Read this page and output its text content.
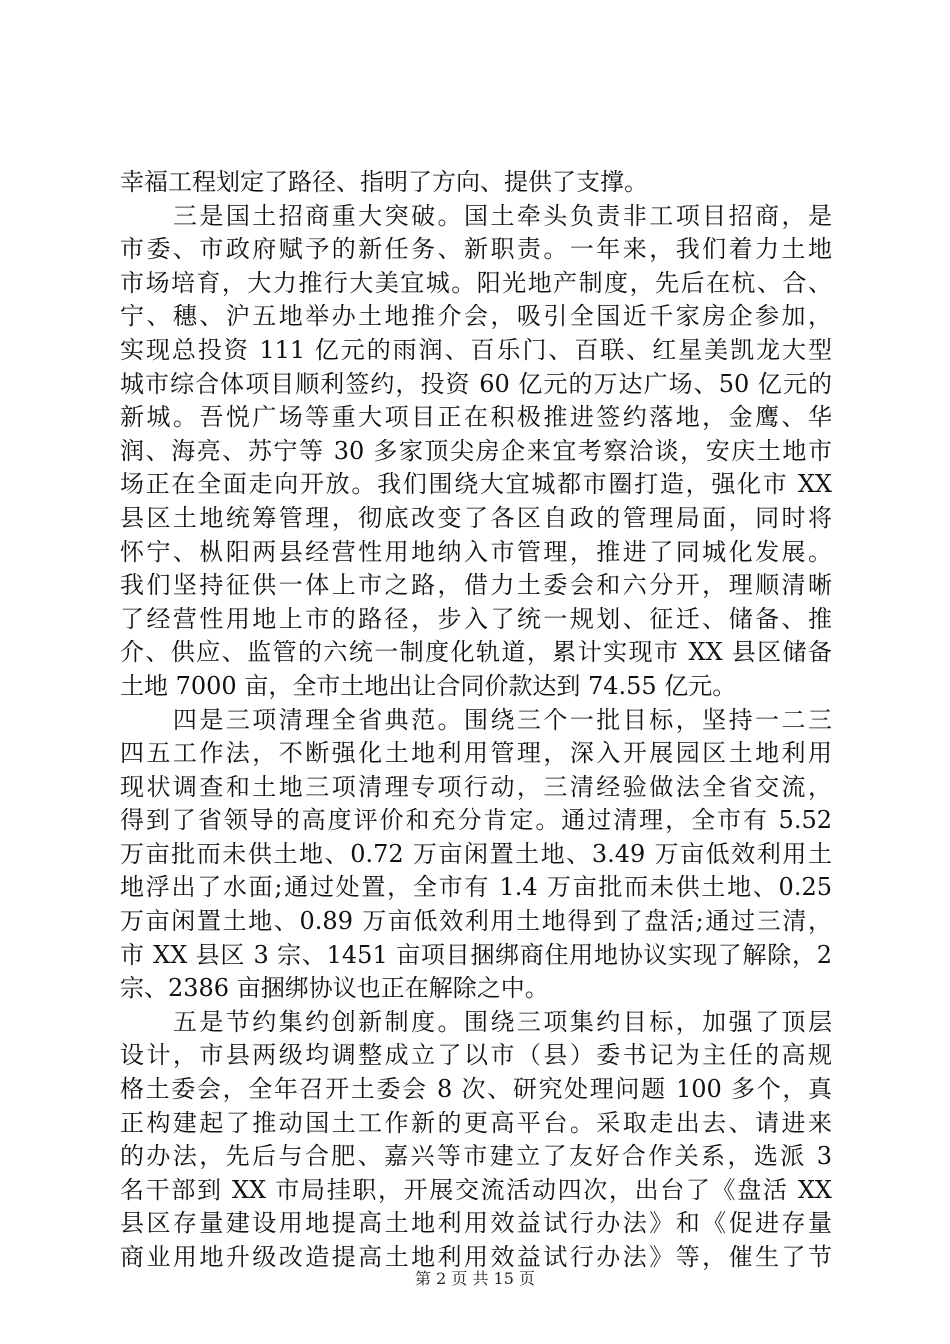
幸福工程划定了路径、指明了方向、提供了支撑。
　　三是国土招商重大突破。国土牵头负责非工项目招商，是
市委、市政府赋予的新任务、新职责。一年来，我们着力土地
市场培育，大力推行大美宜城。阳光地产制度，先后在杭、合、
宁、穗、沪五地举办土地推介会，吸引全国近千家房企参加，
实现总投资 111 亿元的雨润、百乐门、百联、红星美凯龙大型
城市综合体项目顺利签约，投资 60 亿元的万达广场、50 亿元的
新城。吾悦广场等重大项目正在积极推进签约落地，金鹰、华
润、海亮、苏宁等 30 多家顶尖房企来宜考察洽谈，安庆土地市
场正在全面走向开放。我们围绕大宜城都市圈打造，强化市 XX
县区土地统筹管理，彻底改变了各区自政的管理局面，同时将
怀宁、枞阳两县经营性用地纳入市管理，推进了同城化发展。
我们坚持征供一体上市之路，借力土委会和六分开，理顺清晰
了经营性用地上市的路径，步入了统一规划、征迁、储备、推
介、供应、监管的六统一制度化轨道，累计实现市 XX 县区储备
土地 7000 亩，全市土地出让合同价款达到 74.55 亿元。
　　四是三项清理全省典范。围绕三个一批目标，坚持一二三
四五工作法，不断强化土地利用管理，深入开展园区土地利用
现状调查和土地三项清理专项行动，三清经验做法全省交流，
得到了省领导的高度评价和充分肯定。通过清理，全市有 5.52
万亩批而未供土地、0.72 万亩闲置土地、3.49 万亩低效利用土
地浮出了水面;通过处置，全市有 1.4 万亩批而未供土地、0.25
万亩闲置土地、0.89 万亩低效利用土地得到了盘活;通过三清，
市 XX 县区 3 宗、1451 亩项目捆绑商住用地协议实现了解除，2
宗、2386 亩捆绑协议也正在解除之中。
　　五是节约集约创新制度。围绕三项集约目标，加强了顶层
设计，市县两级均调整成立了以市（县）委书记为主任的高规
格土委会，全年召开土委会 8 次、研究处理问题 100 多个，真
正构建起了推动国土工作新的更高平台。采取走出去、请进来
的办法，先后与合肥、嘉兴等市建立了友好合作关系，选派 3
名干部到 XX 市局挂职，开展交流活动四次，出台了《盘活 XX
县区存量建设用地提高土地利用效益试行办法》和《促进存量
商业用地升级改造提高土地利用效益试行办法》等，催生了节
第 2 页 共 15 页
